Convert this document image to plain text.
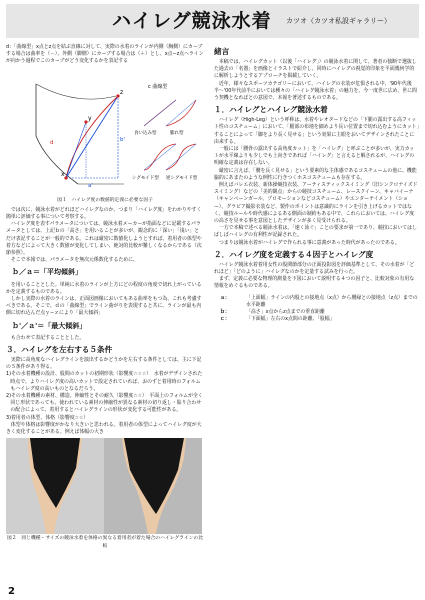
ハイレグ競泳水着 カツオ（カツオ私設ギャラリー）

d：「曲線型」x点とz点を結ぶ直線に対して、実際の水着のラインが内側（胸側）にカーブする場合は曲率を（－）、外側（脚側）にカーブする場合は（＋）とし、x点−z点ヘラインが向かう過程でこのカーブがどう変化するかを表記する

x
y
z
b'
a'
d
c 曲線型
食い込み型	膨れ型
シグモイド型 逆シグモイド型
図１　ハイレグ度の数値的定義に必要な因子

では次に、競泳水着がどれほどハイレグなのか、つまり「ハイレグ度」をわかりやすく簡単に評価する事について考察する。

ハイレグ度を表すパラメータについては、競泳水着メーカーが指面などに記載するパラメータとしては、上記ｂの「高さ」を用いることが多いが、観念的に「深い」「浅い」とだけ表記することが一般的である。これは厳密に数値化しようとすれば、着用者の体型や着方などによって大きく数値が変化してしまい、絶対的比較が難しくなるからである（次節参照）。

そこで本報では、パラメータを無次元係数化するために、

ｂ／ａ＝「平均傾斜」

を用いることとした。単純に水着のラインが上方にどの程度の角度で切れ上がっているかを定義するものである。

しかし実際の水着のラインは、正面図画像においてもある曲率をもつ為、これも考慮すべきである。そこで、ｄの「曲線型」でライン曲がりを表現すると共に、ラインが最も内側に切れ込んだ点ｙ−ｚにより「最大傾斜」

ｂ'／ａ'＝「最大傾斜」

も合わせて表記することとした。

３．ハイレグを左右する５条件

実際に高角度なハイレグラインを演出するかどうかを左右する条件としては、主に下記の５条件があり得る。

1)その水着機種の設計、股間のカットの初期形状（影響度☆☆☆）　水着がデザインされた時点で、よりハイレグ度の高いカットで設定されていれば、おのずと着用時のフォルムもハイレグ度の高いものとなるだろう。

2)その水着機種の素材、構造、伸縮性とその耐久（影響度☆☆）　平面上のフォルムが全く同じ形状であっても、使われている素材の伸縮性が異なる素材の切り返し・貼り合わせの配合によって、着用するとハイレグラインの形状が変化する可能性がある。

3)着用者の体型、体格（影響度☆☆）

体型や体格は影響度がかなり大きいと思われる。着用者の体型によってハイレグ度が大きく変化することがある。例えば体幅の大き

図２　同じ機種・サイズの競泳水着を体格の異なる着用者が着た場合のハイレグラインの比較
緒言

本稿では、ハイレグカット（以後「ハイレグ」）の競泳水着に関して、著者の独断で選抜した過去の「名器」を画像とイラストで紹介し、同時にハイレグの視覚的印象を平面幾何学的に解析しようとするアプローチを掲載していく。

近年、様々なスポーツカテゴリーにおいて、ハイレグの衣装が危惧される中、'90年代後半〜'00年代前半においては種々の「ハイレグ競泳水着」の魅力を、今一度世に広め、世に問う契機となればとの意図で、本報を著述するものである。

１．ハイレグとハイレグ競泳水着

ハイレグ（High-Leg）という呼称は、水着やレオタードなどの「下腿の露出する高フィット性のコスチューム」において、「腿部の布地を細めより長い位置まで切れ込むようにカット」することによって「脚をより長く見せる」という効果に主眼をおいてデザインされたことに由来する。

一般には「腰骨の露出する高角度カット」を「ハイレグ」と呼ぶことが多いが、実力カットが水平線よりも少しでも上向きであれば「ハイレグ」と言えると解されるが、ハイレグの明確な定義は存在しない。

厳密に言えば、「腰を長く見せる」という要素的な主体感であるコスチュームの他に、機能脇的にあまたのような例性に行きつくホスコスチュームも存在する。

例えばバレエ衣装、新体操競技衣装、アーティスティックスイミング（旧シンクロナイズドスイミング）などの「美的観点」からの競技コスチューム、レースクイーン、キャバイーナ（キャンペーンガール、プロモーションなどコスチューム）やエンターテイメント（ショー）、グラビア撮影衣装など、製作のポイントは意識的にラインを引き上げるカットではなく、競技ルールや時代感によるある側面の制約もある中で、これらにおいては、ハイレグ度の高さを見せる事を意図としたデザインが多く見受けられる。

一方で本稿で述べる競泳水着は、「速く泳ぐ」ことの要求が第一であり、競技においてはしばしばハイレグの有利性が記録された。

つまりは競泳水着がハイレグで作られる事に意義があった時代があったのである。

２．ハイレグ度を定義する４因子とハイレグ度

ハイレグ競泳水着着用女性の股関節部分の正面投影図を評価基準として、その水着が「どれほど」「どのように」ハイレグなのかを定量する試みを行った。

まず、定義に必要な物理的測量を下図において説明する４つの因子と、比較対象の有用な情報をめぐるものである。

ａ：	「上面幅」ラインの内股との接地点（x点）から腰縁との接地点（z点）までの水平距離
ｂ：	「高さ」x点からz点までの垂直距離
ｃ：	「下面幅」左右のx点間の距離、「股幅」
2
